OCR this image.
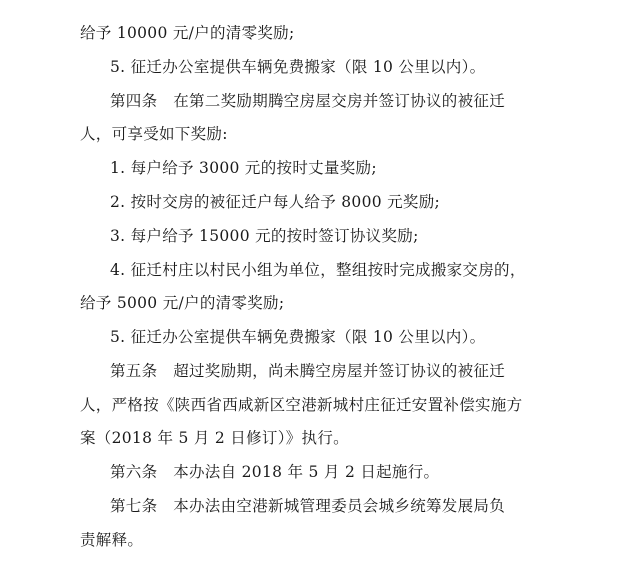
给予 10000 元/户的清零奖励;
5. 征迁办公室提供车辆免费搬家（限 10 公里以内）。
第四条　在第二奖励期腾空房屋交房并签订协议的被征迁
人，可享受如下奖励:
1. 每户给予 3000 元的按时丈量奖励;
2. 按时交房的被征迁户每人给予 8000 元奖励;
3. 每户给予 15000 元的按时签订协议奖励;
4. 征迁村庄以村民小组为单位，整组按时完成搬家交房的，
给予 5000 元/户的清零奖励;
5. 征迁办公室提供车辆免费搬家（限 10 公里以内）。
第五条　超过奖励期，尚未腾空房屋并签订协议的被征迁
人，严格按《陕西省西咸新区空港新城村庄征迁安置补偿实施方
案（2018 年 5 月 2 日修订）》执行。
第六条　本办法自 2018 年 5 月 2 日起施行。
第七条　本办法由空港新城管理委员会城乡统筹发展局负
责解释。
